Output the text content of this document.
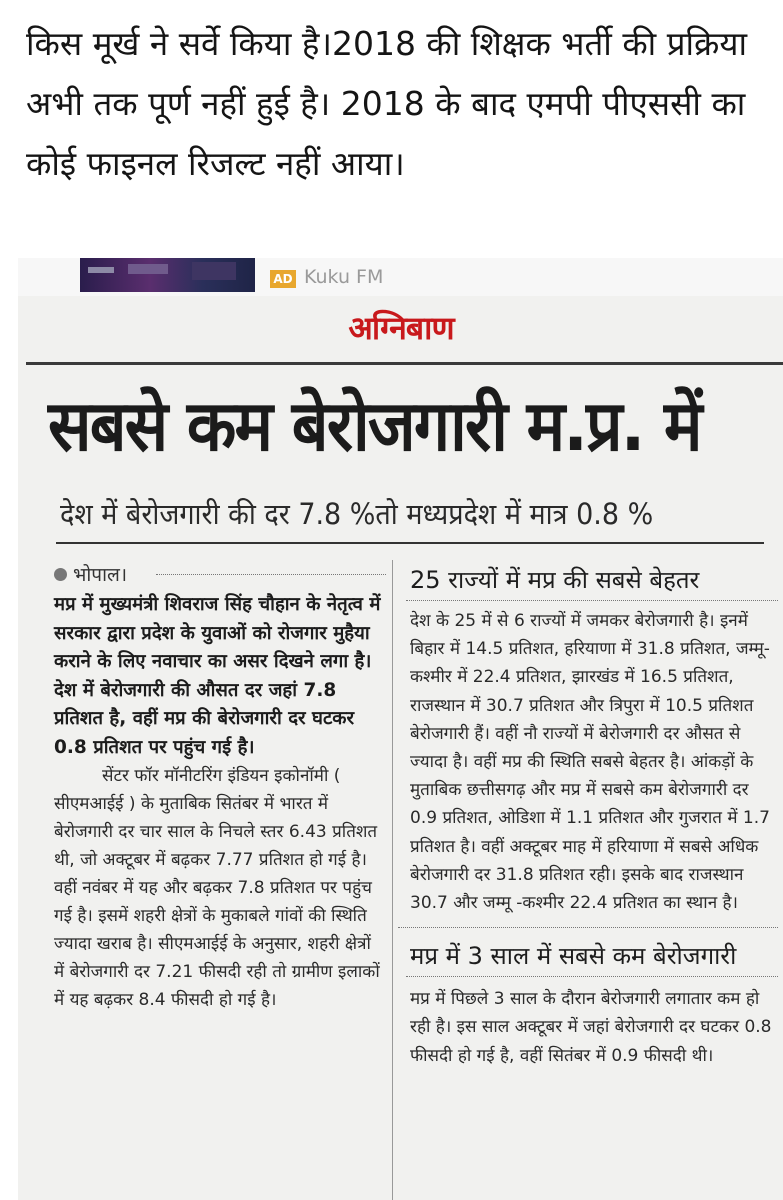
किस मूर्ख ने सर्वे किया है।2018 की शिक्षक भर्ती की प्रक्रिया अभी तक पूर्ण नहीं हुई है। 2018 के बाद एमपी पीएससी का कोई फाइनल रिजल्ट नहीं आया।
AD Kuku FM
अग्निबाण
सबसे कम बेरोजगारी म.प्र. में
देश में बेरोजगारी की दर 7.8 %तो मध्यप्रदेश में मात्र 0.8 %
भोपाल।
मप्र में मुख्यमंत्री शिवराज सिंह चौहान के नेतृत्व में सरकार द्वारा प्रदेश के युवाओं को रोजगार मुहैया कराने के लिए नवाचार का असर दिखने लगा है। देश में बेरोजगारी की औसत दर जहां 7.8 प्रतिशत है, वहीं मप्र की बेरोजगारी दर घटकर 0.8 प्रतिशत पर पहुंच गई है।
सेंटर फॉर मॉनीटरिंग इंडियन इकोनॉमी ( सीएमआईई ) के मुताबिक सितंबर में भारत में बेरोजगारी दर चार साल के निचले स्तर 6.43 प्रतिशत थी, जो अक्टूबर में बढ़कर 7.77 प्रतिशत हो गई है। वहीं नवंबर में यह और बढ़कर 7.8 प्रतिशत पर पहुंच गई है। इसमें शहरी क्षेत्रों के मुकाबले गांवों की स्थिति ज्यादा खराब है। सीएमआईई के अनुसार, शहरी क्षेत्रों में बेरोजगारी दर 7.21 फीसदी रही तो ग्रामीण इलाकों में यह बढ़कर 8.4 फीसदी हो गई है।
25 राज्यों में मप्र की सबसे बेहतर
देश के 25 में से 6 राज्यों में जमकर बेरोजगारी है। इनमें बिहार में 14.5 प्रतिशत, हरियाणा में 31.8 प्रतिशत, जम्मू-कश्मीर में 22.4 प्रतिशत, झारखंड में 16.5 प्रतिशत, राजस्थान में 30.7 प्रतिशत और त्रिपुरा में 10.5 प्रतिशत बेरोजगारी हैं। वहीं नौ राज्यों में बेरोजगारी दर औसत से ज्यादा है। वहीं मप्र की स्थिति सबसे बेहतर है। आंकड़ों के मुताबिक छत्तीसगढ़ और मप्र में सबसे कम बेरोजगारी दर 0.9 प्रतिशत, ओडिशा में 1.1 प्रतिशत और गुजरात में 1.7 प्रतिशत है। वहीं अक्टूबर माह में हरियाणा में सबसे अधिक बेरोजगारी दर 31.8 प्रतिशत रही। इसके बाद राजस्थान 30.7 और जम्मू -कश्मीर 22.4 प्रतिशत का स्थान है।
मप्र में 3 साल में सबसे कम बेरोजगारी
मप्र में पिछले 3 साल के दौरान बेरोजगारी लगातार कम हो रही है। इस साल अक्टूबर में जहां बेरोजगारी दर घटकर 0.8 फीसदी हो गई है, वहीं सितंबर में 0.9 फीसदी थी।
